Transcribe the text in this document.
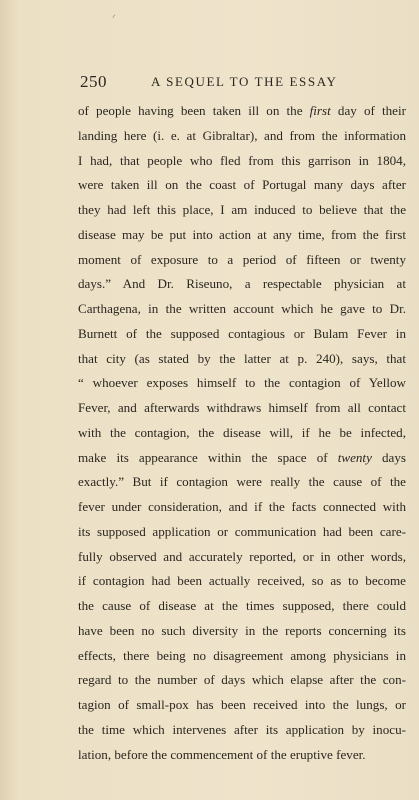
ᐟ
250	A SEQUEL TO THE ESSAY
of people having been taken ill on the first day of their
landing here (i. e. at Gibraltar), and from the information
I had, that people who fled from this garrison in 1804,
were taken ill on the coast of Portugal many days after
they had left this place, I am induced to believe that the
disease may be put into action at any time, from the first
moment of exposure to a period of fifteen or twenty
days.” And Dr. Riseuno, a respectable physician at
Carthagena, in the written account which he gave to Dr.
Burnett of the supposed contagious or Bulam Fever in
that city (as stated by the latter at p. 240), says, that
“ whoever exposes himself to the contagion of Yellow
Fever, and afterwards withdraws himself from all contact
with the contagion, the disease will, if he be infected,
make its appearance within the space of twenty days
exactly.” But if contagion were really the cause of the
fever under consideration, and if the facts connected with
its supposed application or communication had been care-
fully observed and accurately reported, or in other words,
if contagion had been actually received, so as to become
the cause of disease at the times supposed, there could
have been no such diversity in the reports concerning its
effects, there being no disagreement among physicians in
regard to the number of days which elapse after the con-
tagion of small-pox has been received into the lungs, or
the time which intervenes after its application by inocu-
lation, before the commencement of the eruptive fever.
